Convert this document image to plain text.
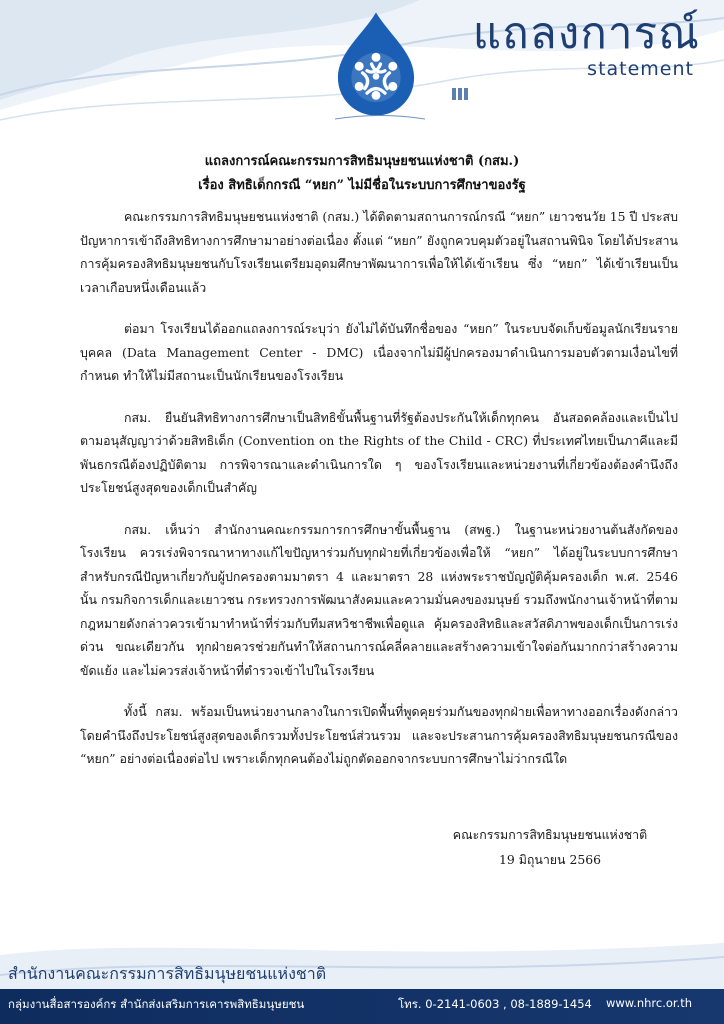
แถลงการณ์
statement
แถลงการณ์คณะกรรมการสิทธิมนุษยชนแห่งชาติ (กสม.)
เรื่อง สิทธิเด็กกรณี “หยก” ไม่มีชื่อในระบบการศึกษาของรัฐ

คณะกรรมการสิทธิมนุษยชนแห่งชาติ (กสม.) ได้ติดตามสถานการณ์กรณี “หยก” เยาวชนวัย 15 ปี ประสบปัญหาการเข้าถึงสิทธิทางการศึกษามาอย่างต่อเนื่อง ตั้งแต่ “หยก” ยังถูกควบคุมตัวอยู่ในสถานพินิจ โดยได้ประสานการคุ้มครองสิทธิมนุษยชนกับโรงเรียนเตรียมอุดมศึกษาพัฒนาการเพื่อให้ได้เข้าเรียน ซึ่ง “หยก” ได้เข้าเรียนเป็นเวลาเกือบหนึ่งเดือนแล้ว

ต่อมา โรงเรียนได้ออกแถลงการณ์ระบุว่า ยังไม่ได้บันทึกชื่อของ “หยก” ในระบบจัดเก็บข้อมูลนักเรียนรายบุคคล (Data Management Center - DMC) เนื่องจากไม่มีผู้ปกครองมาดำเนินการมอบตัวตามเงื่อนไขที่กำหนด ทำให้ไม่มีสถานะเป็นนักเรียนของโรงเรียน

กสม. ยืนยันสิทธิทางการศึกษาเป็นสิทธิขั้นพื้นฐานที่รัฐต้องประกันให้เด็กทุกคน อันสอดคล้องและเป็นไปตามอนุสัญญาว่าด้วยสิทธิเด็ก (Convention on the Rights of the Child - CRC) ที่ประเทศไทยเป็นภาคีและมีพันธกรณีต้องปฏิบัติตาม การพิจารณาและดำเนินการใด ๆ ของโรงเรียนและหน่วยงานที่เกี่ยวข้องต้องคำนึงถึงประโยชน์สูงสุดของเด็กเป็นสำคัญ

กสม. เห็นว่า สำนักงานคณะกรรมการการศึกษาขั้นพื้นฐาน (สพฐ.) ในฐานะหน่วยงานต้นสังกัดของโรงเรียน ควรเร่งพิจารณาหาทางแก้ไขปัญหาร่วมกับทุกฝ่ายที่เกี่ยวข้องเพื่อให้ “หยก” ได้อยู่ในระบบการศึกษา สำหรับกรณีปัญหาเกี่ยวกับผู้ปกครองตามมาตรา 4 และมาตรา 28 แห่งพระราชบัญญัติคุ้มครองเด็ก พ.ศ. 2546 นั้น กรมกิจการเด็กและเยาวชน กระทรวงการพัฒนาสังคมและความมั่นคงของมนุษย์ รวมถึงพนักงานเจ้าหน้าที่ตามกฎหมายดังกล่าวควรเข้ามาทำหน้าที่ร่วมกับทีมสหวิชาชีพเพื่อดูแล คุ้มครองสิทธิและสวัสดิภาพของเด็กเป็นการเร่งด่วน ขณะเดียวกัน ทุกฝ่ายควรช่วยกันทำให้สถานการณ์คลี่คลายและสร้างความเข้าใจต่อกันมากกว่าสร้างความขัดแย้ง และไม่ควรส่งเจ้าหน้าที่ตำรวจเข้าไปในโรงเรียน

ทั้งนี้ กสม. พร้อมเป็นหน่วยงานกลางในการเปิดพื้นที่พูดคุยร่วมกันของทุกฝ่ายเพื่อหาทางออกเรื่องดังกล่าว โดยคำนึงถึงประโยชน์สูงสุดของเด็กรวมทั้งประโยชน์ส่วนรวม และจะประสานการคุ้มครองสิทธิมนุษยชนกรณีของ “หยก” อย่างต่อเนื่องต่อไป เพราะเด็กทุกคนต้องไม่ถูกตัดออกจากระบบการศึกษาไม่ว่ากรณีใด

คณะกรรมการสิทธิมนุษยชนแห่งชาติ
19 มิถุนายน 2566
สำนักงานคณะกรรมการสิทธิมนุษยชนแห่งชาติ
กลุ่มงานสื่อสารองค์กร สำนักส่งเสริมการเคารพสิทธิมนุษยชน	โทร. 0-2141-0603 , 08-1889-1454 www.nhrc.or.th
